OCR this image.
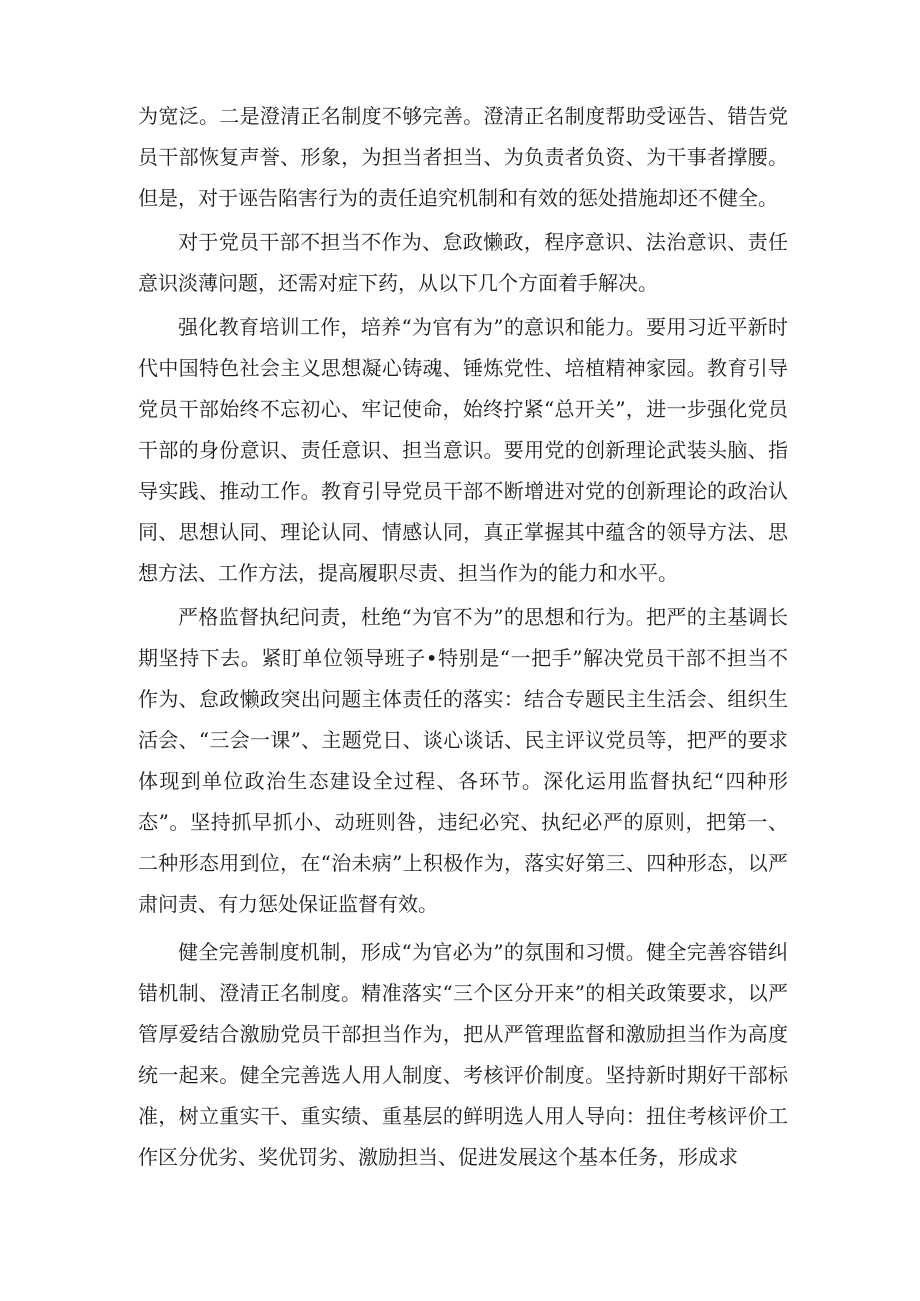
为宽泛。二是澄清正名制度不够完善。澄清正名制度帮助受诬告、错告党员干部恢复声誉、形象，为担当者担当、为负责者负资、为干事者撑腰。但是，对于诬告陷害行为的责任追究机制和有效的惩处措施却还不健全。

对于党员干部不担当不作为、怠政懒政，程序意识、法治意识、责任意识淡薄问题，还需对症下药，从以下几个方面着手解决。

强化教育培训工作，培养“为官有为”的意识和能力。要用习近平新时代中国特色社会主义思想凝心铸魂、锤炼党性、培植精神家园。教育引导党员干部始终不忘初心、牢记使命，始终拧紧“总开关”，进一步强化党员干部的身份意识、责任意识、担当意识。要用党的创新理论武装头脑、指导实践、推动工作。教育引导党员干部不断增进对党的创新理论的政治认同、思想认同、理论认同、情感认同，真正掌握其中蕴含的领导方法、思想方法、工作方法，提高履职尽责、担当作为的能力和水平。

严格监督执纪问责，杜绝“为官不为”的思想和行为。把严的主基调长期坚持下去。紧盯单位领导班子•特别是“一把手”解决党员干部不担当不作为、怠政懒政突出问题主体责任的落实：结合专题民主生活会、组织生活会、“三会一课”、主题党日、谈心谈话、民主评议党员等，把严的要求体现到单位政治生态建设全过程、各环节。深化运用监督执纪“四种形态”。坚持抓早抓小、动班则咎，违纪必究、执纪必严的原则，把第一、二种形态用到位，在“治未病”上积极作为，落实好第三、四种形态，以严肃问责、有力惩处保证监督有效。

健全完善制度机制，形成“为官必为”的氛围和习惯。健全完善容错纠错机制、澄清正名制度。精准落实“三个区分开来”的相关政策要求，以严管厚爱结合激励党员干部担当作为，把从严管理监督和激励担当作为高度统一起来。健全完善选人用人制度、考核评价制度。坚持新时期好干部标准，树立重实干、重实绩、重基层的鲜明选人用人导向：扭住考核评价工作区分优劣、奖优罚劣、激励担当、促进发展这个基本任务，形成求
